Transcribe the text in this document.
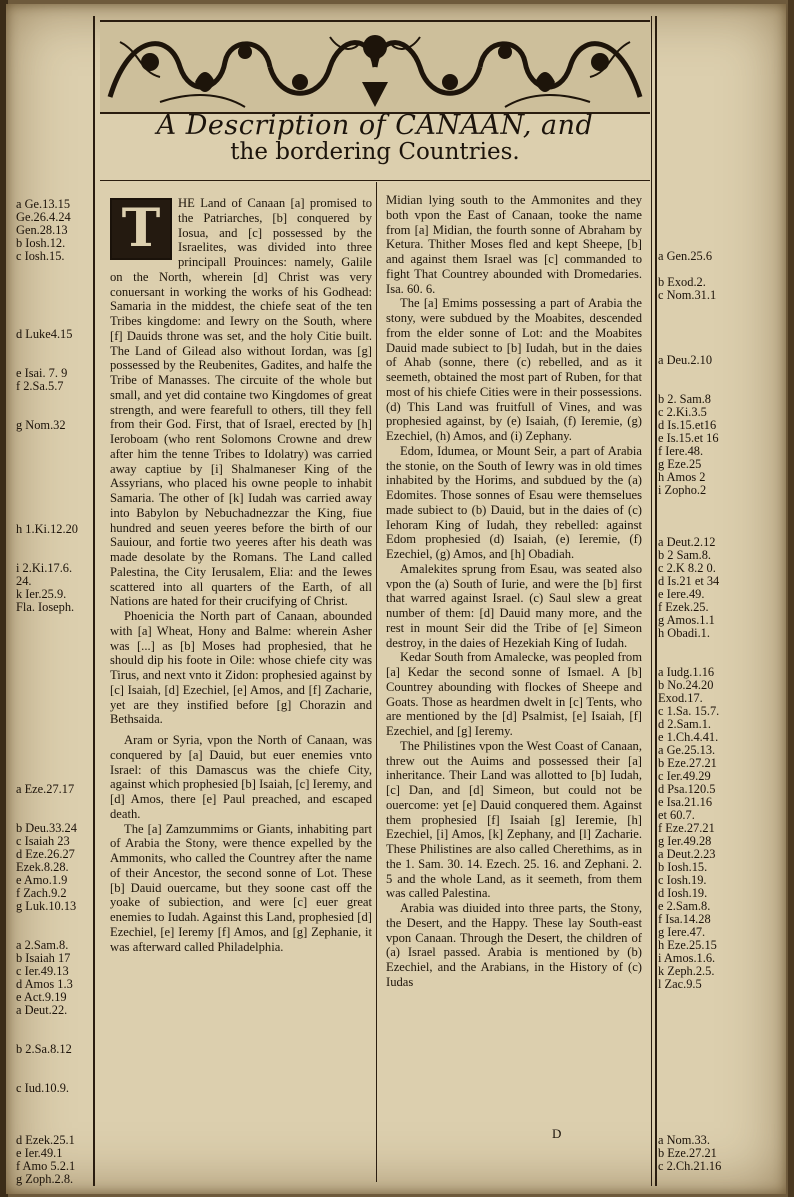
A Description of CANAAN, and
the bordering Countries.
T	HE Land of Canaan [a] promised to the Patriarches, [b] conquered by Iosua, and [c] possessed by the Israelites, was divided into three principall Prouinces: namely, Galile on the North, wherein [d] Christ was very conuersant in working the works of his Godhead: Samaria in the middest, the chiefe seat of the ten Tribes kingdome: and Iewry on the South, where [f] Dauids throne was set, and the holy Citie built. The Land of Gilead also without Iordan, was [g] possessed by the Reubenites, Gadites, and halfe the Tribe of Manasses. The circuite of the whole but small, and yet did containe two Kingdomes of great strength, and were fearefull to others, till they fell from their God. First, that of Israel, erected by [h] Ieroboam (who rent Solomons Crowne and drew after him the tenne Tribes to Idolatry) was carried away captiue by [i] Shalmaneser King of the Assyrians, who placed his owne people to inhabit Samaria. The other of [k] Iudah was carried away into Babylon by Nebuchadnezzar the King, fiue hundred and seuen yeeres before the birth of our Sauiour, and fortie two yeeres after his death was made desolate by the Romans. The Land called Palestina, the City Ierusalem, Elia: and the Iewes scattered into all quarters of the Earth, of all Nations are hated for their crucifying of Christ.

Phoenicia the North part of Canaan, abounded with [a] Wheat, Hony and Balme: wherein Asher was [...] as [b] Moses had prophesied, that he should dip his foote in Oile: whose chiefe city was Tirus, and next vnto it Zidon: prophesied against by [c] Isaiah, [d] Ezechiel, [e] Amos, and [f] Zacharie, yet are they instified before [g] Chorazin and Bethsaida.

Aram or Syria, vpon the North of Canaan, was conquered by [a] Dauid, but euer enemies vnto Israel: of this Damascus was the chiefe City, against which prophesied [b] Isaiah, [c] Ieremy, and [d] Amos, there [e] Paul preached, and escaped death.

The [a] Zamzummims or Giants, inhabiting part of Arabia the Stony, were thence expelled by the Ammonits, who called the Countrey after the name of their Ancestor, the second sonne of Lot. These [b] Dauid ouercame, but they soone cast off the yoake of subiection, and were [c] euer great enemies to Iudah. Against this Land, prophesied [d] Ezechiel, [e] Ieremy [f] Amos, and [g] Zephanie, it was afterward called Philadelphia.

Midian lying south to the Ammonites and they both vpon the East of Canaan, tooke the name from [a] Midian, the fourth sonne of Abraham by Ketura. Thither Moses fled and kept Sheepe, [b] and against them Israel was [c] commanded to fight That Countrey abounded with Dromedaries. Isa. 60. 6.

The [a] Emims possessing a part of Arabia the stony, were subdued by the Moabites, descended from the elder sonne of Lot: and the Moabites Dauid made subiect to [b] Iudah, but in the daies of Ahab (sonne, there (c) rebelled, and as it seemeth, obtained the most part of Ruben, for that most of his chiefe Cities were in their possessions. (d) This Land was fruitfull of Vines, and was prophesied against, by (e) Isaiah, (f) Ieremie, (g) Ezechiel, (h) Amos, and (i) Zephany.

Edom, Idumea, or Mount Seir, a part of Arabia the stonie, on the South of Iewry was in old times inhabited by the Horims, and subdued by the (a) Edomites. Those sonnes of Esau were themselues made subiect to (b) Dauid, but in the daies of (c) Iehoram King of Iudah, they rebelled: against Edom prophesied (d) Isaiah, (e) Ieremie, (f) Ezechiel, (g) Amos, and [h] Obadiah.

Amalekites sprung from Esau, was seated also vpon the (a) South of Iurie, and were the [b] first that warred against Israel. (c) Saul slew a great number of them: [d] Dauid many more, and the rest in mount Seir did the Tribe of [e] Simeon destroy, in the daies of Hezekiah King of Iudah.

Kedar South from Amalecke, was peopled from [a] Kedar the second sonne of Ismael. A [b] Countrey abounding with flockes of Sheepe and Goats. Those as heardmen dwelt in [c] Tents, who are mentioned by the [d] Psalmist, [e] Isaiah, [f] Ezechiel, and [g] Ieremy.

The Philistines vpon the West Coast of Canaan, threw out the Auims and possessed their [a] inheritance. Their Land was allotted to [b] Iudah, [c] Dan, and [d] Simeon, but could not be ouercome: yet [e] Dauid conquered them. Against them prophesied [f] Isaiah [g] Ieremie, [h] Ezechiel, [i] Amos, [k] Zephany, and [l] Zacharie. These Philistines are also called Cherethims, as in the 1. Sam. 30. 14. Ezech. 25. 16. and Zephani. 2. 5 and the whole Land, as it seemeth, from them was called Palestina.

Arabia was diuided into three parts, the Stony, the Desert, and the Happy. These lay South-east vpon Canaan. Through the Desert, the children of (a) Israel passed. Arabia is mentioned by (b) Ezechiel, and the Arabians, in the History of (c) Iudas

D
a Ge.13.15
Ge.26.4.24
Gen.28.13
b Iosh.12.
c Iosh.15.
d Luke4.15
e Isai. 7. 9
f 2.Sa.5.7
g Nom.32
h 1.Ki.12.20
i 2.Ki.17.6.
24.
k Ier.25.9.
Fla. Ioseph.
a Eze.27.17
b Deu.33.24
c Isaiah 23
d Eze.26.27
Ezek.8.28.
e Amo.1.9
f Zach.9.2
g Luk.10.13
a 2.Sam.8.
b Isaiah 17
c Ier.49.13
d Amos 1.3
e Act.9.19
a Deut.22.
b 2.Sa.8.12
c Iud.10.9.
d Ezek.25.1
e Ier.49.1
f Amo 5.2.1
g Zoph.2.8.
a Gen.25.6
b Exod.2.
c Nom.31.1
a Deu.2.10
b 2. Sam.8
c 2.Ki.3.5
d Is.15.et16
e Is.15.et 16
f Iere.48.
g Eze.25
h Amos 2
i Zopho.2
a Deut.2.12
b 2 Sam.8.
c 2.K 8.2 0.
d Is.21 et 34
e Iere.49.
f Ezek.25.
g Amos.1.1
h Obadi.1.
a Iudg.1.16
b No.24.20
Exod.17.
c 1.Sa. 15.7.
d 2.Sam.1.
e 1.Ch.4.41.
a Ge.25.13.
b Eze.27.21
c Ier.49.29
d Psa.120.5
e Isa.21.16
et 60.7.
f Eze.27.21
g Ier.49.28
a Deut.2.23
b Iosh.15.
c Iosh.19.
d Iosh.19.
e 2.Sam.8.
f Isa.14.28
g Iere.47.
h Eze.25.15
i Amos.1.6.
k Zeph.2.5.
l Zac.9.5
a Nom.33.
b Eze.27.21
c 2.Ch.21.16
